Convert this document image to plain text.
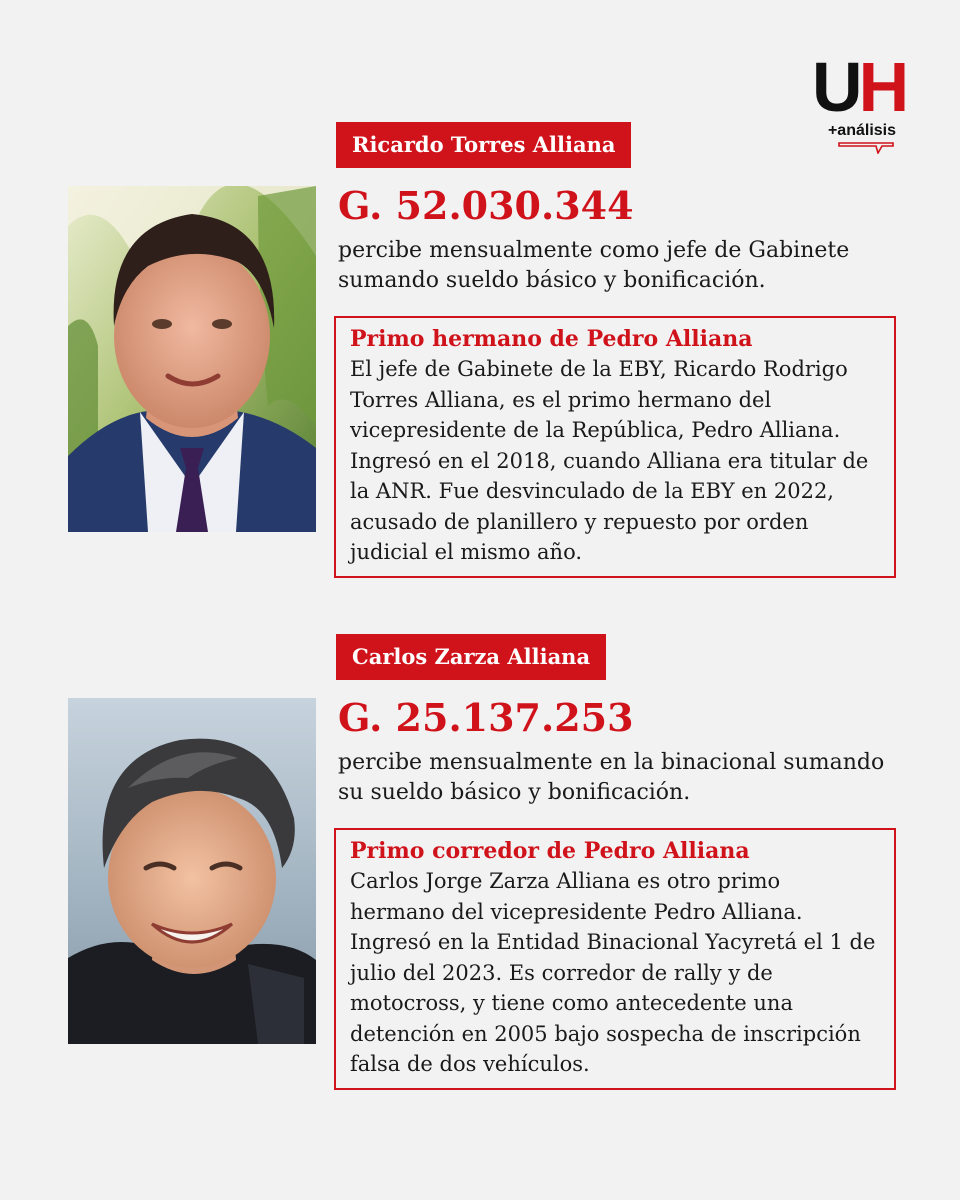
UH
+análisis
Ricardo Torres Alliana
G. 52.030.344
percibe mensualmente como jefe de Gabinete sumando sueldo básico y bonificación.
Primo hermano de Pedro Alliana
El jefe de Gabinete de la EBY, Ricardo Rodrigo Torres Alliana, es el primo hermano del vicepresidente de la República, Pedro Alliana. Ingresó en el 2018, cuando Alliana era titular de la ANR. Fue desvinculado de la EBY en 2022, acusado de planillero y repuesto por orden judicial el mismo año.
Carlos Zarza Alliana
G. 25.137.253
percibe mensualmente en la binacional sumando su sueldo básico y bonificación.
Primo corredor de Pedro Alliana
Carlos Jorge Zarza Alliana es otro primo hermano del vicepresidente Pedro Alliana. Ingresó en la Entidad Binacional Yacyretá el 1 de julio del 2023. Es corredor de rally y de motocross, y tiene como antecedente una detención en 2005 bajo sospecha de inscripción falsa de dos vehículos.
